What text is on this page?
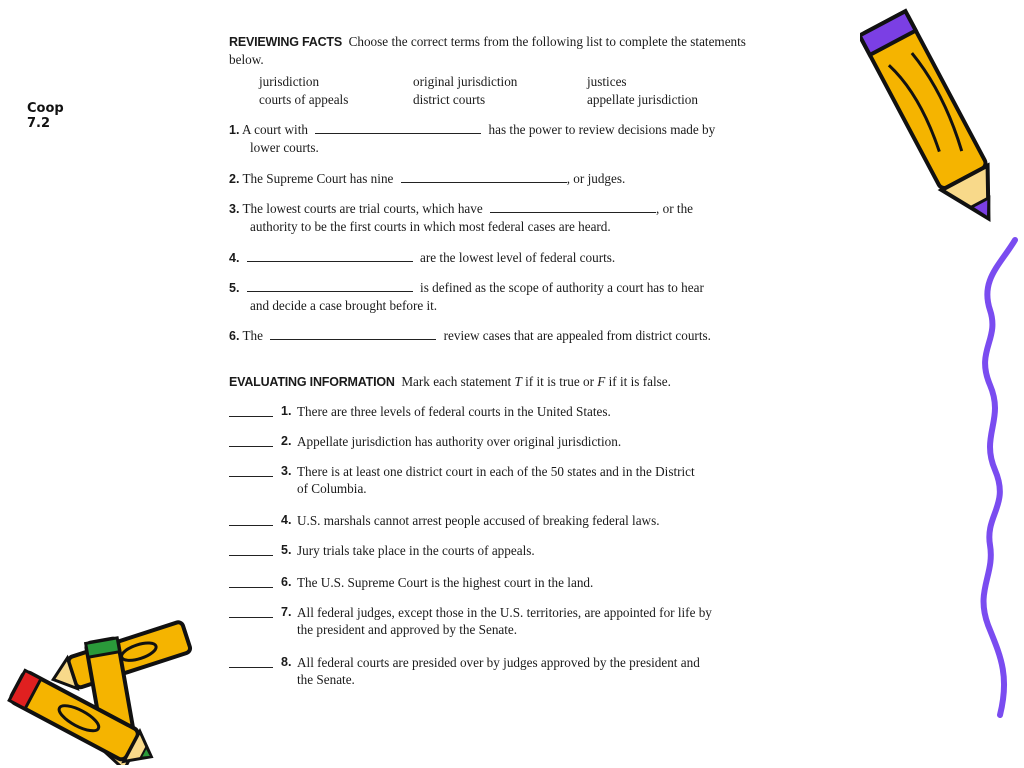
Coop
7.2

REVIEWING FACTS Choose the correct terms from the following list to complete the statements below.

jurisdiction	original jurisdiction	justices
courts of appeals	district courts	appellate jurisdiction
1. A court with	has the power to review decisions made by
lower courts.
2. The Supreme Court has nine	, or judges.
3. The lowest courts are trial courts, which have	, or the
authority to be the first courts in which most federal cases are heard.
4.	are the lowest level of federal courts.
5.	is defined as the scope of authority a court has to hear
and decide a case brought before it.
6. The	review cases that are appealed from district courts.
EVALUATING INFORMATION Mark each statement T if it is true or F if it is false.
1. There are three levels of federal courts in the United States.
2. Appellate jurisdiction has authority over original jurisdiction.
3. There is at least one district court in each of the 50 states and in the District
of Columbia.
4. U.S. marshals cannot arrest people accused of breaking federal laws.
5. Jury trials take place in the courts of appeals.
6. The U.S. Supreme Court is the highest court in the land.
7. All federal judges, except those in the U.S. territories, are appointed for life by
the president and approved by the Senate.
8. All federal courts are presided over by judges approved by the president and
the Senate.
